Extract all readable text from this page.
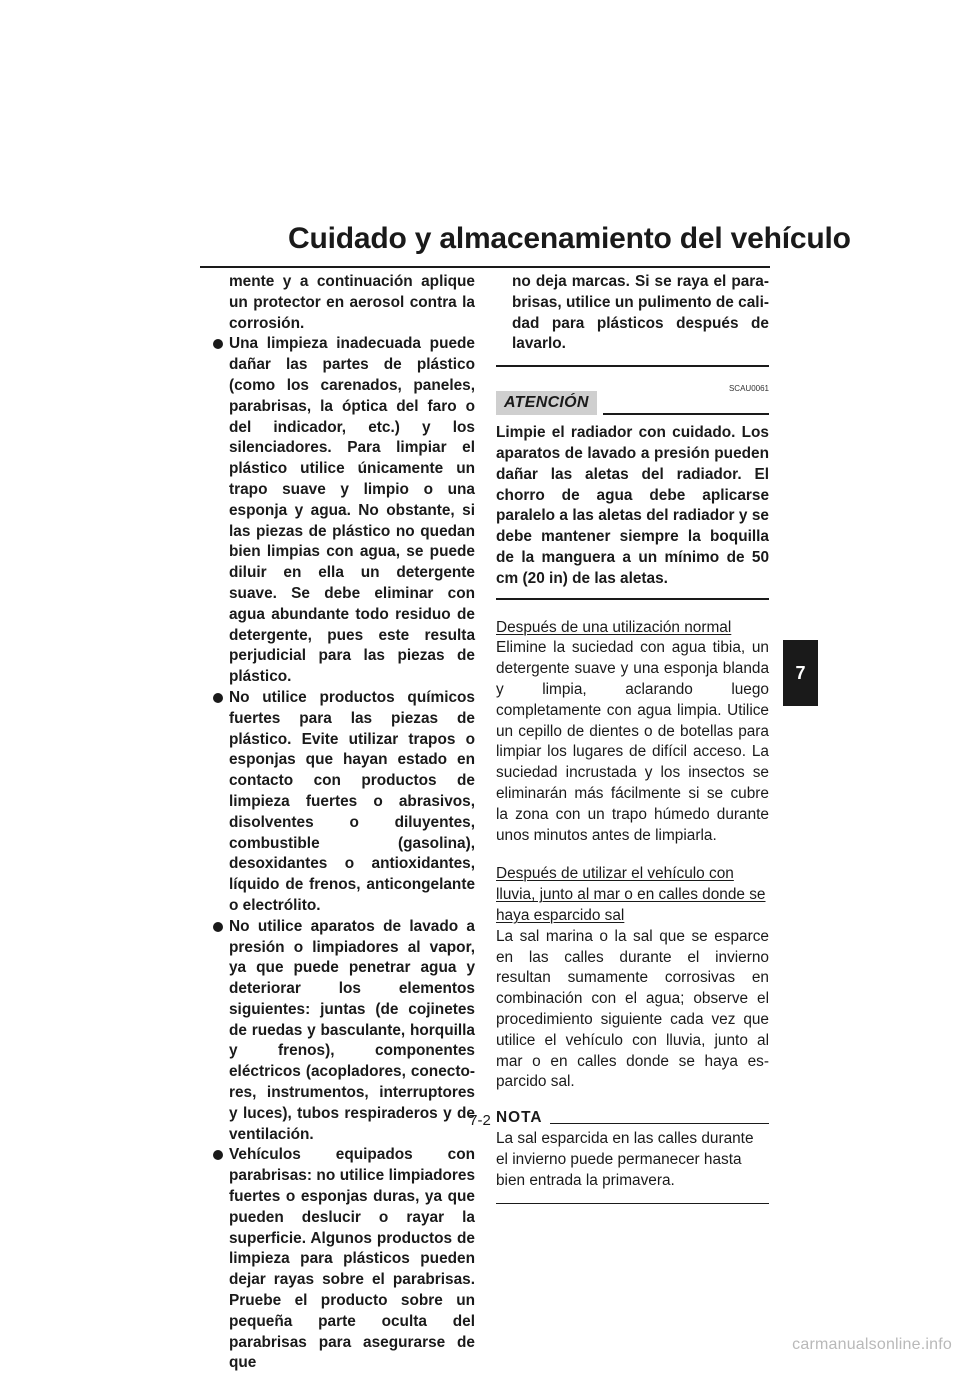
Cuidado y almacenamiento del vehículo
7

mente y a continuación aplique un protector en aerosol contra la corrosión.

Una limpieza inadecuada puede dañar las partes de plástico (como los carenados, paneles, parabrisas, la óptica del faro o del indicador, etc.) y los silenciadores. Para limpiar el plástico utilice únicamente un trapo suave y limpio o una esponja y agua. No obstante, si las piezas de plástico no quedan bien limpias con agua, se puede diluir en ella un detergente suave. Se debe eliminar con agua abundante todo residuo de detergente, pues este resulta perjudicial para las piezas de plástico.
No utilice productos químicos fuertes para las piezas de plástico. Evite utilizar trapos o esponjas que hayan estado en contacto con productos de limpieza fuertes o abrasivos, disolventes o diluyentes, combustible (gasolina), desoxidantes o antioxidantes, líquido de frenos, anticongelante o electrólito.
No utilice aparatos de lavado a presión o limpiadores al vapor, ya que puede penetrar agua y deteriorar los elementos siguientes: juntas (de cojinetes de ruedas y basculante, horquilla y frenos), componentes eléctricos (acopladores, conectores, instrumentos, interruptores y luces), tubos respiraderos y de ventilación.
Vehículos equipados con parabrisas: no utilice limpiadores fuertes o esponjas duras, ya que pueden deslucir o rayar la superficie. Algunos productos de limpieza para plásticos pueden dejar rayas sobre el parabrisas. Pruebe el producto sobre un pequeña parte oculta del parabrisas para asegurarse de que

no deja marcas. Si se raya el parabrisas, utilice un pulimento de calidad para plásticos después de lavarlo.

SCAU0061
ATENCIÓN

Limpie el radiador con cuidado. Los aparatos de lavado a presión pueden dañar las aletas del radiador. El chorro de agua debe aplicarse paralelo a las aletas del radiador y se debe mantener siempre la boquilla de la manguera a un mínimo de 50 cm (20 in) de las aletas.

Después de una utilización normal

Elimine la suciedad con agua tibia, un detergente suave y una esponja blanda y limpia, aclarando luego completamente con agua limpia. Utilice un cepillo de dientes o de botellas para limpiar los lugares de difícil acceso. La suciedad incrustada y los insectos se eliminarán más fácilmente si se cubre la zona con un trapo húmedo durante unos minutos antes de limpiarla.

Después de utilizar el vehículo con lluvia, junto al mar o en calles donde se haya esparcido sal

La sal marina o la sal que se esparce en las calles durante el invierno resultan sumamente corrosivas en combinación con el agua; observe el procedimiento siguiente cada vez que utilice el vehículo con lluvia, junto al mar o en calles donde se haya esparcido sal.

NOTA

La sal esparcida en las calles durante el invierno puede permanecer hasta bien entrada la primavera.

7-2
carmanualsonline.info
